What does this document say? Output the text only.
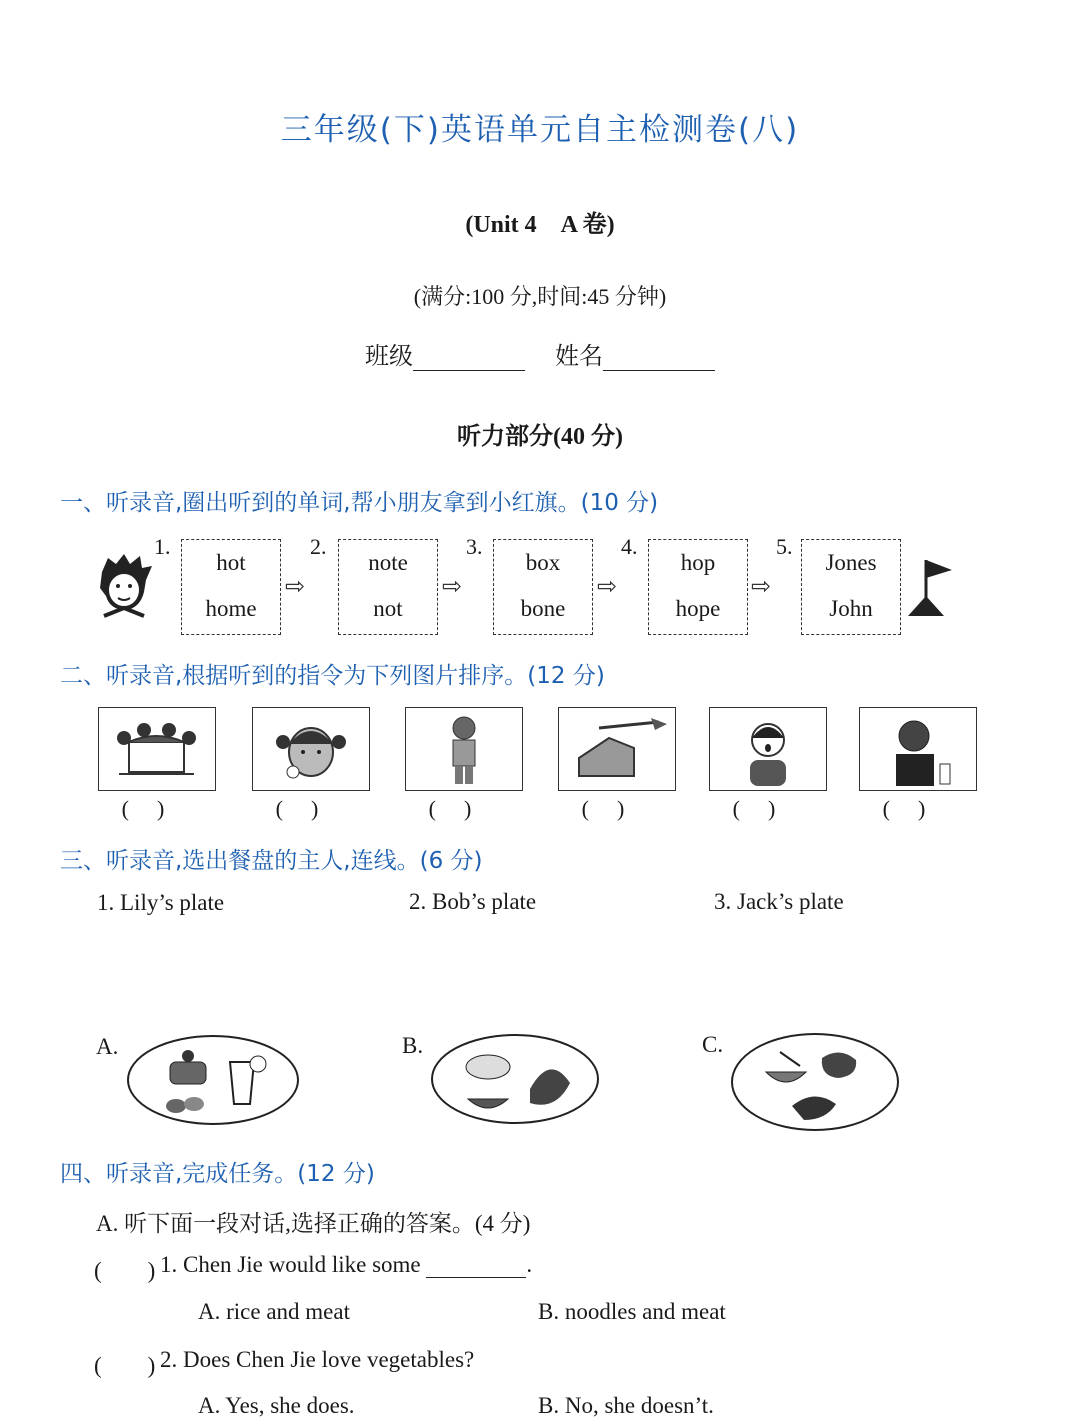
三年级(下)英语单元自主检测卷(八)
(Unit 4　A 卷)
(满分:100 分,时间:45 分钟)
班级	姓名
听力部分(40 分)
一、听录音,圈出听到的单词,帮小朋友拿到小红旗。(10 分)
1.
hot
home
⇨
2.
note
not
⇨
3.
box
bone
⇨
4.
hop
hope
⇨
5.
Jones
John
二、听录音,根据听到的指令为下列图片排序。(12 分)
()	()	()	()	()	()
三、听录音,选出餐盘的主人,连线。(6 分)
1. Lily’s plate	2. Bob’s plate	3. Jack’s plate
A.	B.	C.
四、听录音,完成任务。(12 分)
A. 听下面一段对话,选择正确的答案。(4 分)
(　　) 1. Chen Jie would like some	.
A. rice and meat	B. noodles and meat
(　　) 2. Does Chen Jie love vegetables?
A. Yes, she does.	B. No, she doesn’t.
